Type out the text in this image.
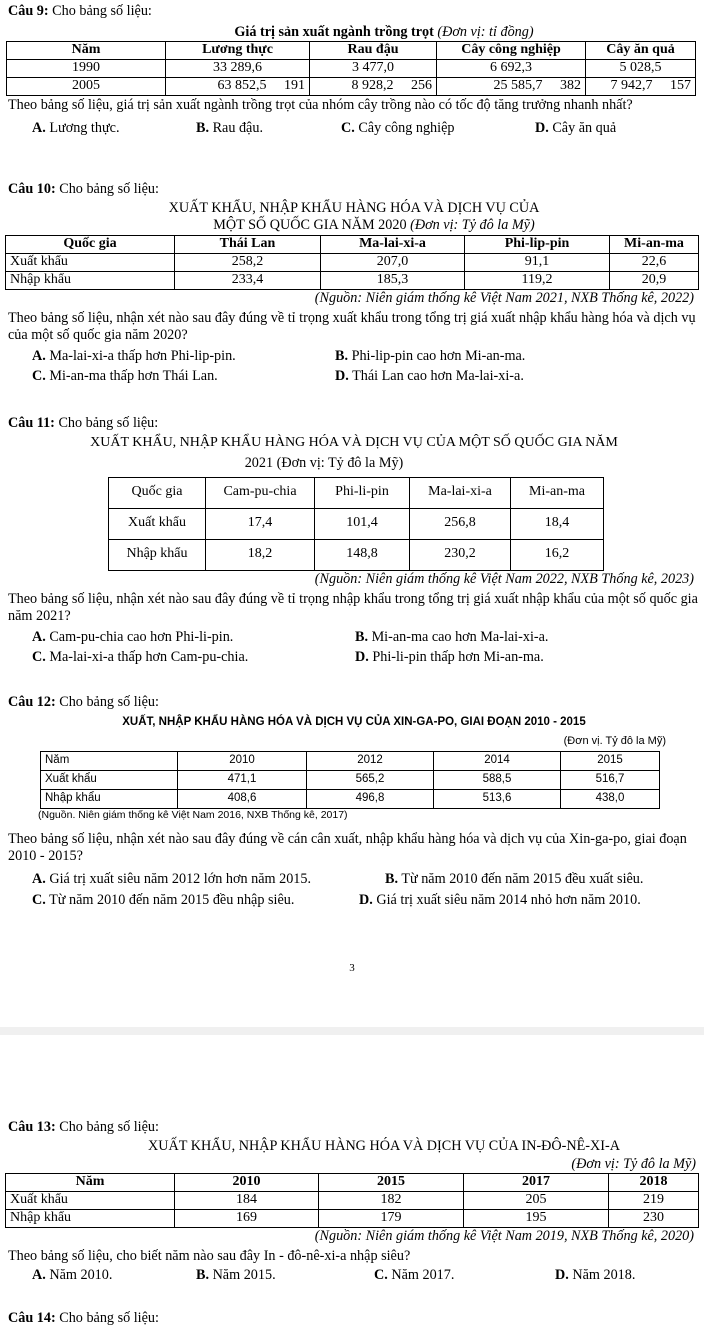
Câu 9: Cho bảng số liệu:
Giá trị sản xuất ngành trồng trọt (Đơn vị: tỉ đồng)
Năm	Lương thực	Rau đậu	Cây công nghiệp	Cây ăn quả
1990	33 289,6	3 477,0	6 692,3	5 028,5
2005	63 852,5     191	8 928,2     256	25 585,7     382	7 942,7     157
Theo bảng số liệu, giá trị sản xuất ngành trồng trọt của nhóm cây trồng nào có tốc độ tăng trưởng nhanh nhất?
A. Lương thực.	B. Rau đậu.	C. Cây công nghiệp	D. Cây ăn quả
Câu 10: Cho bảng số liệu:
XUẤT KHẨU, NHẬP KHẨU HÀNG HÓA VÀ DỊCH VỤ CỦA
MỘT SỐ QUỐC GIA NĂM 2020 (Đơn vị: Tỷ đô la Mỹ)
Quốc gia	Thái Lan	Ma-lai-xi-a	Phi-lip-pin	Mi-an-ma
Xuất khẩu	258,2	207,0	91,1	22,6
Nhập khẩu	233,4	185,3	119,2	20,9
(Nguồn: Niên giám thống kê Việt Nam 2021, NXB Thống kê, 2022)
Theo bảng số liệu, nhận xét nào sau đây đúng về tỉ trọng xuất khẩu trong tổng trị giá xuất nhập khẩu hàng hóa và dịch vụ của một số quốc gia năm 2020?
A. Ma-lai-xi-a thấp hơn Phi-lip-pin.	B. Phi-lip-pin cao hơn Mi-an-ma.
C. Mi-an-ma thấp hơn Thái Lan.	D. Thái Lan cao hơn Ma-lai-xi-a.
Câu 11: Cho bảng số liệu:
XUẤT KHẨU, NHẬP KHẨU HÀNG HÓA VÀ DỊCH VỤ CỦA MỘT SỐ QUỐC GIA NĂM
2021 (Đơn vị: Tỷ đô la Mỹ)
Quốc gia	Cam-pu-chia	Phi-li-pin	Ma-lai-xi-a	Mi-an-ma
Xuất khẩu	17,4	101,4	256,8	18,4
Nhập khẩu	18,2	148,8	230,2	16,2
(Nguồn: Niên giám thống kê Việt Nam 2022, NXB Thống kê, 2023)
Theo bảng số liệu, nhận xét nào sau đây đúng về tỉ trọng nhập khẩu trong tổng trị giá xuất nhập khẩu của một số quốc gia năm 2021?
A. Cam-pu-chia cao hơn Phi-li-pin.	B. Mi-an-ma cao hơn Ma-lai-xi-a.
C. Ma-lai-xi-a thấp hơn Cam-pu-chia.	D. Phi-li-pin thấp hơn Mi-an-ma.
Câu 12: Cho bảng số liệu:
XUẤT, NHẬP KHẨU HÀNG HÓA VÀ DỊCH VỤ CỦA XIN-GA-PO, GIAI ĐOẠN 2010 - 2015
(Đơn vị. Tỷ đô la Mỹ)
Năm	2010	2012	2014	2015
Xuất khẩu	471,1	565,2	588,5	516,7
Nhập khẩu	408,6	496,8	513,6	438,0
(Nguồn. Niên giám thống kê Việt Nam 2016, NXB Thống kê, 2017)
Theo bảng số liệu, nhận xét nào sau đây đúng về cán cân xuất, nhập khẩu hàng hóa và dịch vụ của Xin-ga-po, giai đoạn 2010 - 2015?
A. Giá trị xuất siêu năm 2012 lớn hơn năm 2015.	B. Từ năm 2010 đến năm 2015 đều xuất siêu.
C. Từ năm 2010 đến năm 2015 đều nhập siêu.	D. Giá trị xuất siêu năm 2014 nhỏ hơn năm 2010.
3
Câu 13: Cho bảng số liệu:
XUẤT KHẨU, NHẬP KHẨU HÀNG HÓA VÀ DỊCH VỤ CỦA IN-ĐÔ-NÊ-XI-A
(Đơn vị: Tỷ đô la Mỹ)
Năm	2010	2015	2017	2018
Xuất khẩu	184	182	205	219
Nhập khẩu	169	179	195	230
(Nguồn: Niên giám thống kê Việt Nam 2019, NXB Thống kê, 2020)
Theo bảng số liệu, cho biết năm nào sau đây In - đô-nê-xi-a nhập siêu?
A. Năm 2010.	B. Năm 2015.	C. Năm 2017.	D. Năm 2018.
Câu 14: Cho bảng số liệu:
